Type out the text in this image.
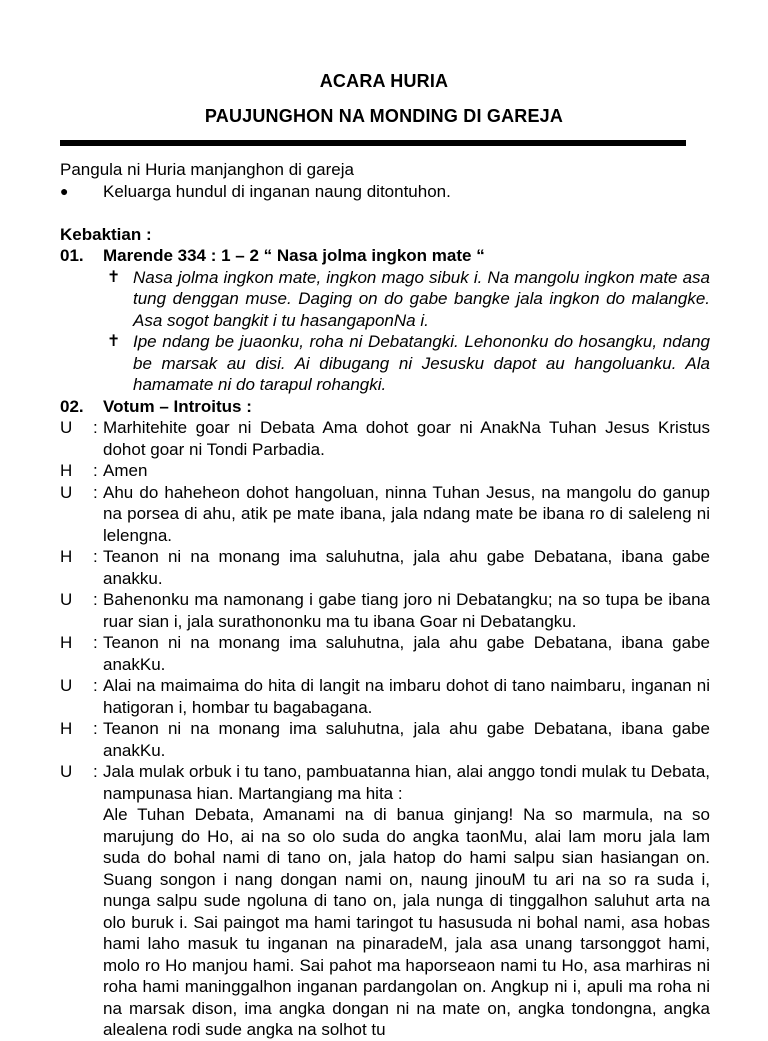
ACARA HURIA
PAUJUNGHON NA MONDING DI GAREJA
Pangula ni Huria manjanghon di gareja
● Keluarga hundul di inganan naung ditontuhon.
Kebaktian :
01. Marende 334 : 1 – 2 “ Nasa jolma ingkon mate “
✝ Nasa jolma ingkon mate, ingkon mago sibuk i. Na mangolu ingkon mate asa tung denggan muse. Daging on do gabe bangke jala ingkon do malangke. Asa sogot bangkit i tu hasangaponNa i.
✝ Ipe ndang be juaonku, roha ni Debatangki. Lehononku do hosangku, ndang be marsak au disi. Ai dibugang ni Jesusku dapot au hangoluanku. Ala hamamate ni do tarapul rohangki.
02. Votum – Introitus :
U : Marhitehite goar ni Debata Ama dohot goar ni AnakNa Tuhan Jesus Kristus dohot goar ni Tondi Parbadia.
H : Amen
U : Ahu do haheheon dohot hangoluan, ninna Tuhan Jesus, na mangolu do ganup na porsea di ahu, atik pe mate ibana, jala ndang mate be ibana ro di saleleng ni lelengna.
H : Teanon ni na monang ima saluhutna, jala ahu gabe Debatana, ibana gabe anakku.
U : Bahenonku ma namonang i gabe tiang joro ni Debatangku; na so tupa be ibana ruar sian i, jala surathononku ma tu ibana Goar ni Debatangku.
H : Teanon ni na monang ima saluhutna, jala ahu gabe Debatana, ibana gabe anakKu.
U : Alai na maimaima do hita di langit na imbaru dohot di tano naimbaru, inganan ni hatigoran i, hombar tu bagabagana.
H : Teanon ni na monang ima saluhutna, jala ahu gabe Debatana, ibana gabe anakKu.
U : Jala mulak orbuk i tu tano, pambuatanna hian, alai anggo tondi mulak tu Debata, nampunasa hian. Martangiang ma hita :
Ale Tuhan Debata, Amanami na di banua ginjang! Na so marmula, na so marujung do Ho, ai na so olo suda do angka taonMu, alai lam moru jala lam suda do bohal nami di tano on, jala hatop do hami salpu sian hasiangan on. Suang songon i nang dongan nami on, naung jinouM tu ari na so ra suda i, nunga salpu sude ngoluna di tano on, jala nunga di tinggalhon saluhut arta na olo buruk i. Sai paingot ma hami taringot tu hasusuda ni bohal nami, asa hobas hami laho masuk tu inganan na pinaradeM, jala asa unang tarsonggot hami, molo ro Ho manjou hami. Sai pahot ma haporseaon nami tu Ho, asa marhiras ni roha hami maninggalhon inganan pardangolan on. Angkup ni i, apuli ma roha ni na marsak dison, ima angka dongan ni na mate on, angka tondongna, angka alealena rodi sude angka na solhot tu
